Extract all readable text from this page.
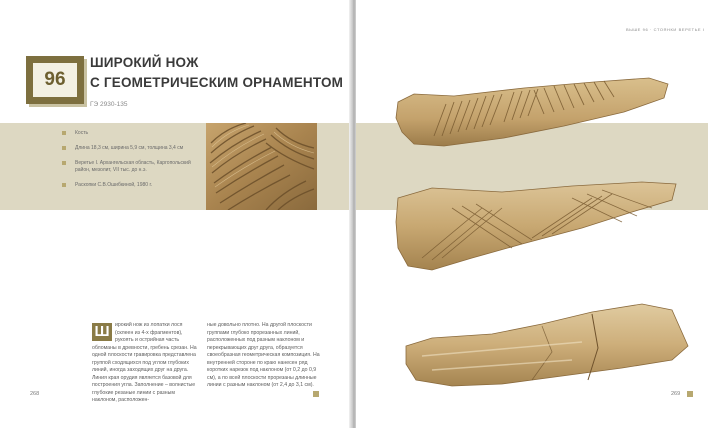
96
ШИРОКИЙ НОЖ
С ГЕОМЕТРИЧЕСКИМ ОРНАМЕНТОМ
ГЭ 2930-135
Кость
Длина 18,3 см, ширина 5,9 см, толщина 3,4 см
Веретье I. Архангельская область, Каргопольский район, мезолит, VII тыс. до н.э.
Раскопки С.В.Ошибкиной, 1980 г.
Ш	ирокий нож из лопатки лося (склеен из 4-х фрагментов), рукоять и острийная часть обломаны в древности, гребень срезан. На одной плоскости гравировка представлена группой сходящихся под углом глубоких линий, иногда заходящих друг на друга. Линия края орудия является базовой для построения угла. Заполнение – волнистые глубокие резаные линии с разным наклоном, расположен-
ные довольно плотно. На другой плоскости группами глубоко прорезанных линий, расположенных под разным наклоном и перекрывающих друг друга, образуется своеобразная геометрическая композиция. На внутренней стороне по краю нанесен ряд коротких нарезок под наклоном (от 0,2 до 0,9 см), а по всей плоскости прорезаны длинные линии с разным наклоном (от 2,4 до 3,1 см).
268
ВЫШЕ 96 · СТОЯНКИ ВЕРЕТЬЕ I
269
